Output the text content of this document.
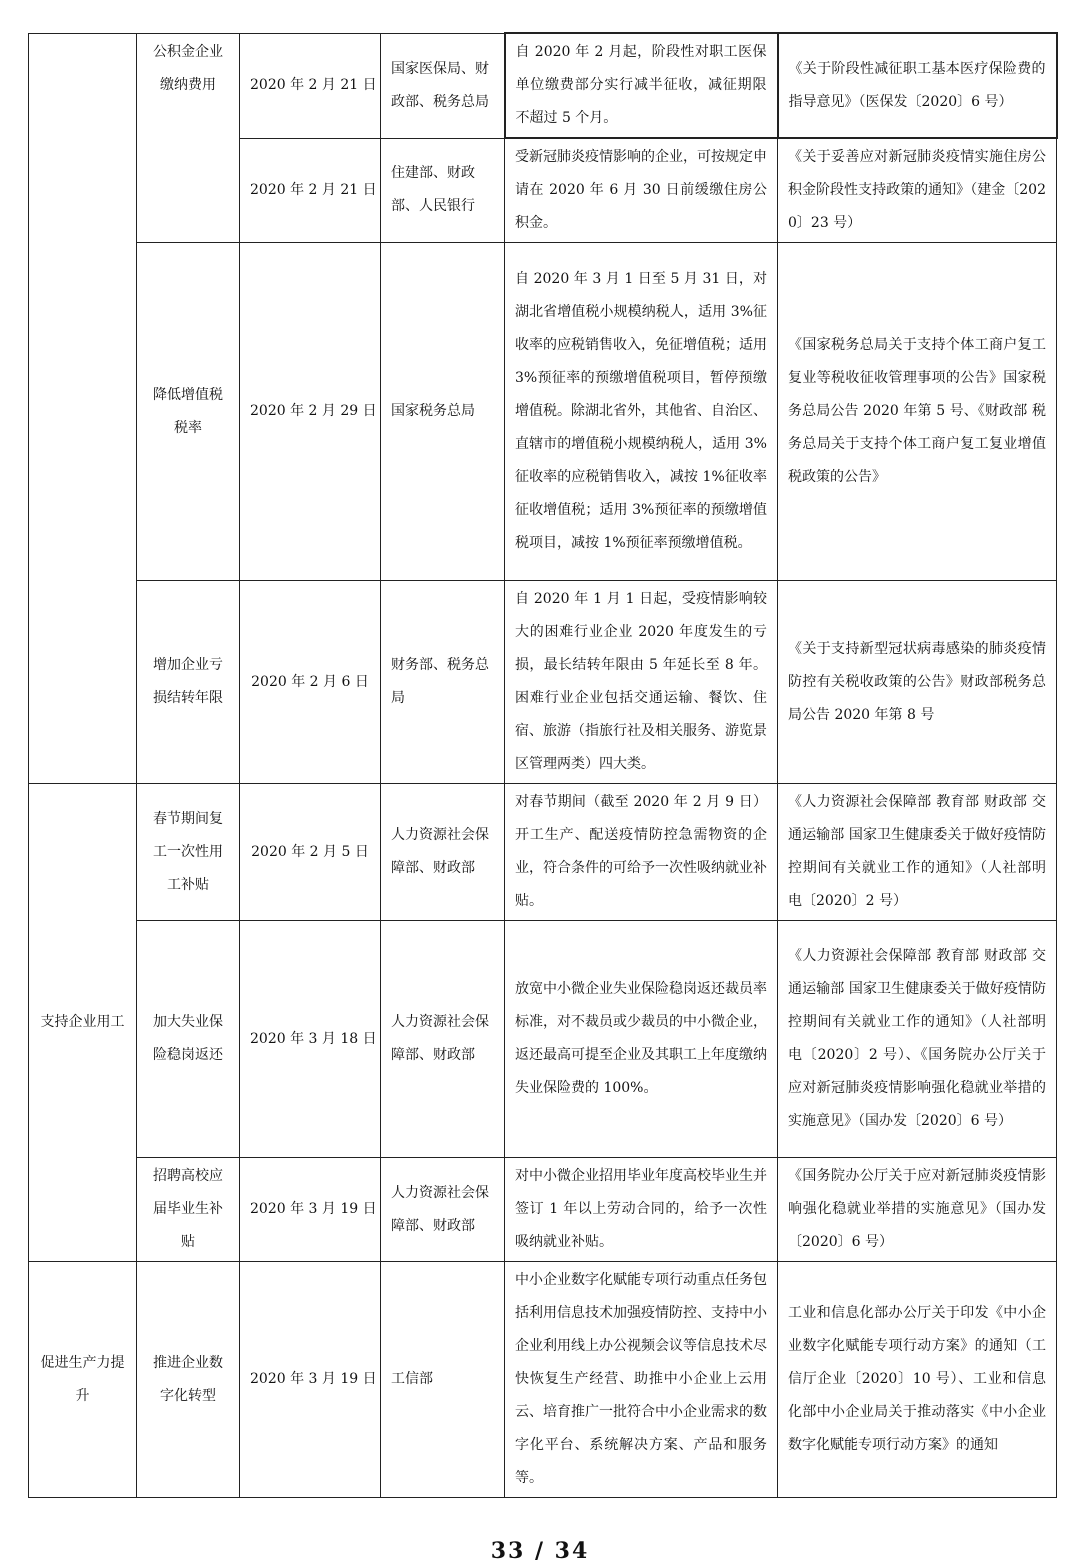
	公积金企业缴纳费用	2020 年 2 月 21 日	国家医保局、财政部、税务总局	自 2020 年 2 月起，阶段性对职工医保单位缴费部分实行减半征收，减征期限不超过 5 个月。	《关于阶段性减征职工基本医疗保险费的指导意见》（医保发〔2020〕6 号）
		2020 年 2 月 21 日	住建部、财政部、人民银行	受新冠肺炎疫情影响的企业，可按规定申请在 2020 年 6 月 30 日前缓缴住房公积金。	《关于妥善应对新冠肺炎疫情实施住房公积金阶段性支持政策的通知》（建金〔2020〕23 号）
	降低增值税税率	2020 年 2 月 29 日	国家税务总局	自 2020 年 3 月 1 日至 5 月 31 日，对湖北省增值税小规模纳税人，适用 3%征收率的应税销售收入，免征增值税；适用 3%预征率的预缴增值税项目，暂停预缴增值税。除湖北省外，其他省、自治区、直辖市的增值税小规模纳税人，适用 3%征收率的应税销售收入，减按 1%征收率征收增值税；适用 3%预征率的预缴增值税项目，减按 1%预征率预缴增值税。	《国家税务总局关于支持个体工商户复工复业等税收征收管理事项的公告》国家税务总局公告 2020 年第 5 号、《财政部 税务总局关于支持个体工商户复工复业增值税政策的公告》
	增加企业亏损结转年限	2020 年 2 月 6 日	财务部、税务总局	自 2020 年 1 月 1 日起，受疫情影响较大的困难行业企业 2020 年度发生的亏损，最长结转年限由 5 年延长至 8 年。困难行业企业包括交通运输、餐饮、住宿、旅游（指旅行社及相关服务、游览景区管理两类）四大类。	《关于支持新型冠状病毒感染的肺炎疫情防控有关税收政策的公告》财政部税务总局公告 2020 年第 8 号
支持企业用工	春节期间复工一次性用工补贴	2020 年 2 月 5 日	人力资源社会保障部、财政部	对春节期间（截至 2020 年 2 月 9 日）开工生产、配送疫情防控急需物资的企业，符合条件的可给予一次性吸纳就业补贴。	《人力资源社会保障部 教育部 财政部 交通运输部 国家卫生健康委关于做好疫情防控期间有关就业工作的通知》（人社部明电〔2020〕2 号）
	加大失业保险稳岗返还	2020 年 3 月 18 日	人力资源社会保障部、财政部	放宽中小微企业失业保险稳岗返还裁员率标准，对不裁员或少裁员的中小微企业，返还最高可提至企业及其职工上年度缴纳失业保险费的 100%。	《人力资源社会保障部 教育部 财政部 交通运输部 国家卫生健康委关于做好疫情防控期间有关就业工作的通知》（人社部明电〔2020〕2 号）、《国务院办公厅关于应对新冠肺炎疫情影响强化稳就业举措的实施意见》（国办发〔2020〕6 号）
	招聘高校应届毕业生补贴	2020 年 3 月 19 日	人力资源社会保障部、财政部	对中小微企业招用毕业年度高校毕业生并签订 1 年以上劳动合同的，给予一次性吸纳就业补贴。	《国务院办公厅关于应对新冠肺炎疫情影响强化稳就业举措的实施意见》（国办发〔2020〕6 号）
促进生产力提升	推进企业数字化转型	2020 年 3 月 19 日	工信部	中小企业数字化赋能专项行动重点任务包括利用信息技术加强疫情防控、支持中小企业利用线上办公视频会议等信息技术尽快恢复生产经营、助推中小企业上云用云、培育推广一批符合中小企业需求的数字化平台、系统解决方案、产品和服务等。	工业和信息化部办公厅关于印发《中小企业数字化赋能专项行动方案》的通知（工信厅企业〔2020〕10 号）、工业和信息化部中小企业局关于推动落实《中小企业数字化赋能专项行动方案》的通知
33 / 34
